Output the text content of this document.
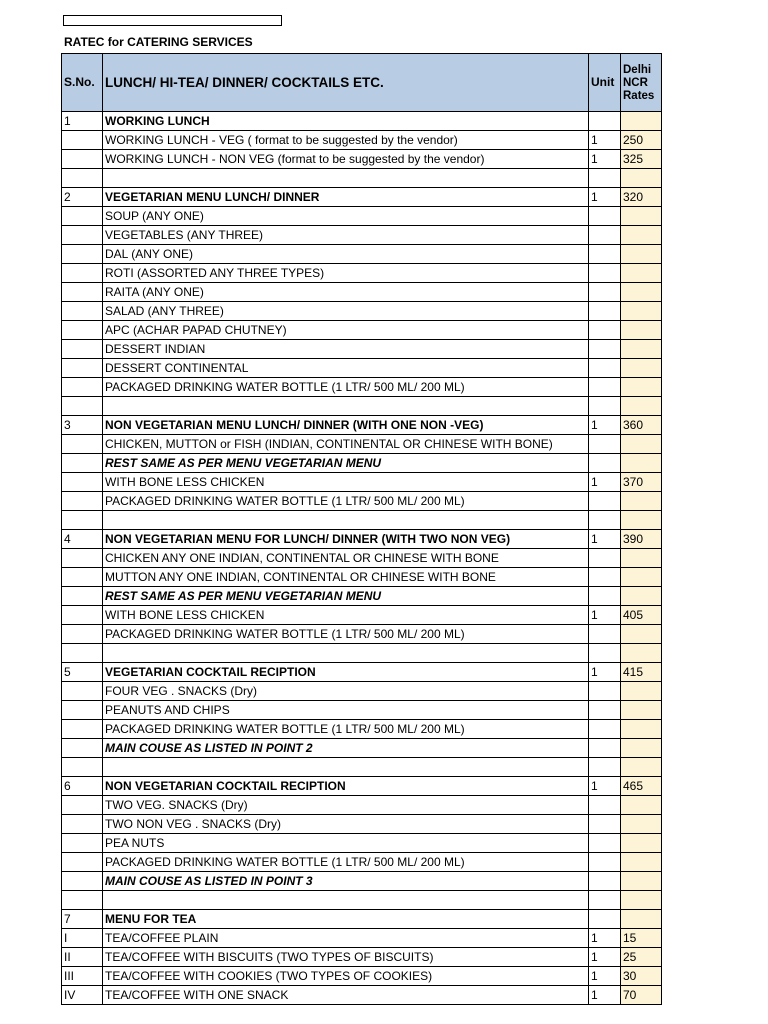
RATEC for CATERING SERVICES
S.No.	LUNCH/ HI-TEA/ DINNER/ COCKTAILS ETC.	Unit	Delhi NCR Rates
1	WORKING LUNCH		
	WORKING LUNCH - VEG ( format to be suggested by the vendor)	1	250
	WORKING LUNCH - NON VEG (format to be suggested by the vendor)	1	325

2	VEGETARIAN MENU LUNCH/ DINNER	1	320
	SOUP (ANY ONE)		
	VEGETABLES (ANY THREE)		
	DAL (ANY ONE)		
	ROTI (ASSORTED ANY THREE TYPES)		
	RAITA (ANY ONE)		
	SALAD (ANY THREE)		
	APC (ACHAR PAPAD CHUTNEY)		
	DESSERT INDIAN		
	DESSERT CONTINENTAL		
	PACKAGED DRINKING WATER BOTTLE (1 LTR/ 500 ML/ 200 ML)		

3	NON VEGETARIAN MENU LUNCH/ DINNER (WITH ONE NON -VEG)	1	360
	CHICKEN, MUTTON or FISH (INDIAN, CONTINENTAL OR CHINESE WITH BONE)		
	REST SAME AS PER MENU VEGETARIAN MENU		
	WITH BONE LESS CHICKEN	1	370
	PACKAGED DRINKING WATER BOTTLE (1 LTR/ 500 ML/ 200 ML)		

4	NON VEGETARIAN MENU FOR LUNCH/ DINNER (WITH TWO NON VEG)	1	390
	CHICKEN ANY ONE INDIAN, CONTINENTAL OR CHINESE WITH BONE		
	MUTTON ANY ONE INDIAN, CONTINENTAL OR CHINESE WITH BONE		
	REST SAME AS PER MENU VEGETARIAN MENU		
	WITH BONE LESS CHICKEN	1	405
	PACKAGED DRINKING WATER BOTTLE (1 LTR/ 500 ML/ 200 ML)		

5	VEGETARIAN COCKTAIL RECIPTION	1	415
	FOUR VEG . SNACKS (Dry)		
	PEANUTS AND CHIPS		
	PACKAGED DRINKING WATER BOTTLE (1 LTR/ 500 ML/ 200 ML)		
	MAIN COUSE AS LISTED IN POINT 2		

6	NON VEGETARIAN COCKTAIL RECIPTION	1	465
	TWO VEG. SNACKS (Dry)		
	TWO NON VEG . SNACKS (Dry)		
	PEA NUTS		
	PACKAGED DRINKING WATER BOTTLE (1 LTR/ 500 ML/ 200 ML)		
	MAIN COUSE AS LISTED IN POINT 3		

7	MENU FOR TEA		
I	TEA/COFFEE PLAIN	1	15
II	TEA/COFFEE WITH BISCUITS (TWO TYPES OF BISCUITS)	1	25
III	TEA/COFFEE WITH COOKIES (TWO TYPES OF COOKIES)	1	30
IV	TEA/COFFEE WITH ONE SNACK	1	70
